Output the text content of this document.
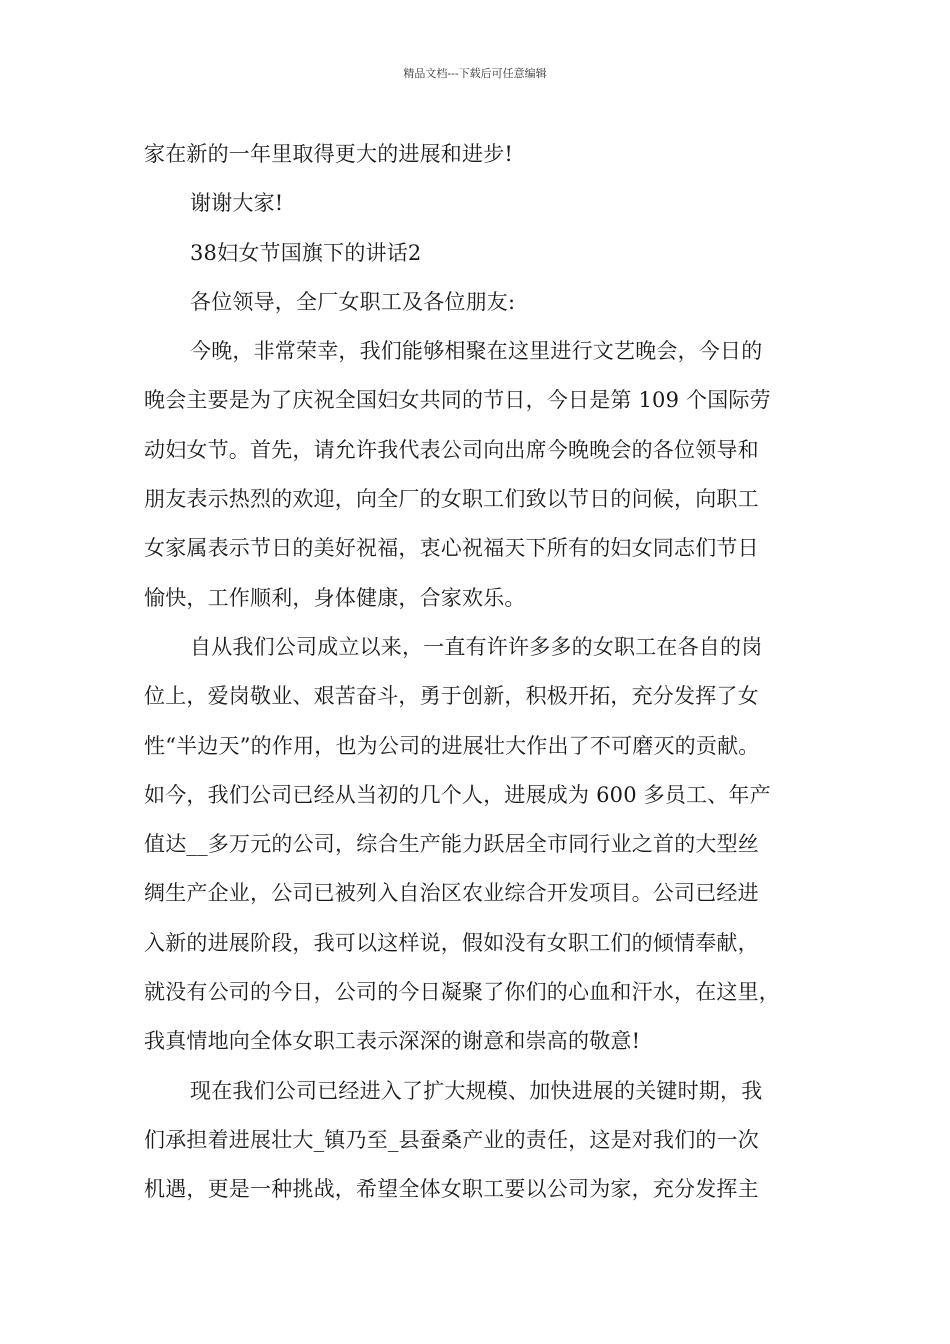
精品文档---下载后可任意编辑
家在新的一年里取得更大的进展和进步!
谢谢大家!
38妇女节国旗下的讲话2
各位领导，全厂女职工及各位朋友:
今晚，非常荣幸，我们能够相聚在这里进行文艺晚会，今日的
晚会主要是为了庆祝全国妇女共同的节日，今日是第 109 个国际劳
动妇女节。首先，请允许我代表公司向出席今晚晚会的各位领导和
朋友表示热烈的欢迎，向全厂的女职工们致以节日的问候，向职工
女家属表示节日的美好祝福，衷心祝福天下所有的妇女同志们节日
愉快，工作顺利，身体健康，合家欢乐。
自从我们公司成立以来，一直有许许多多的女职工在各自的岗
位上，爱岗敬业、艰苦奋斗，勇于创新，积极开拓，充分发挥了女
性“半边天”的作用，也为公司的进展壮大作出了不可磨灭的贡献。
如今，我们公司已经从当初的几个人，进展成为 600 多员工、年产
值达__多万元的公司，综合生产能力跃居全市同行业之首的大型丝
绸生产企业，公司已被列入自治区农业综合开发项目。公司已经进
入新的进展阶段，我可以这样说，假如没有女职工们的倾情奉献，
就没有公司的今日，公司的今日凝聚了你们的心血和汗水，在这里，
我真情地向全体女职工表示深深的谢意和崇高的敬意!
现在我们公司已经进入了扩大规模、加快进展的关键时期，我
们承担着进展壮大_镇乃至_县蚕桑产业的责任，这是对我们的一次
机遇，更是一种挑战，希望全体女职工要以公司为家，充分发挥主
